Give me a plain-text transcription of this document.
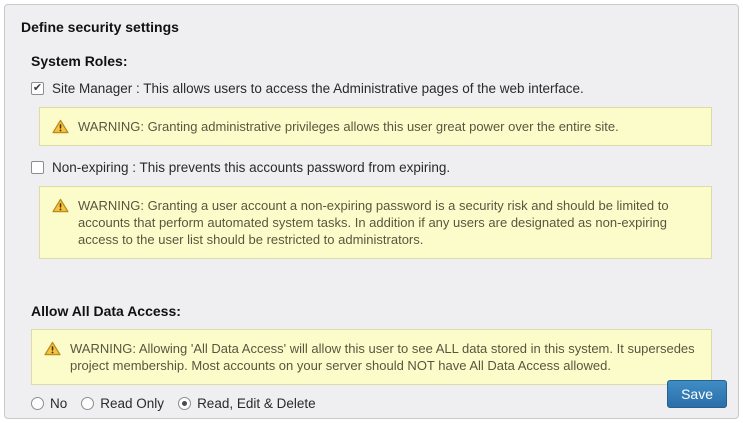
Define security settings
System Roles:
✔ Site Manager : This allows users to access the Administrative pages of the web interface.
WARNING: Granting administrative privileges allows this user great power over the entire site.
Non-expiring : This prevents this accounts password from expiring.
WARNING: Granting a user account a non-expiring password is a security risk and should be limited to accounts that perform automated system tasks. In addition if any users are designated as non-expiring access to the user list should be restricted to administrators.
Allow All Data Access:
WARNING: Allowing 'All Data Access' will allow this user to see ALL data stored in this system. It supersedes project membership. Most accounts on your server should NOT have All Data Access allowed.
No Read Only Read, Edit & Delete
Save
